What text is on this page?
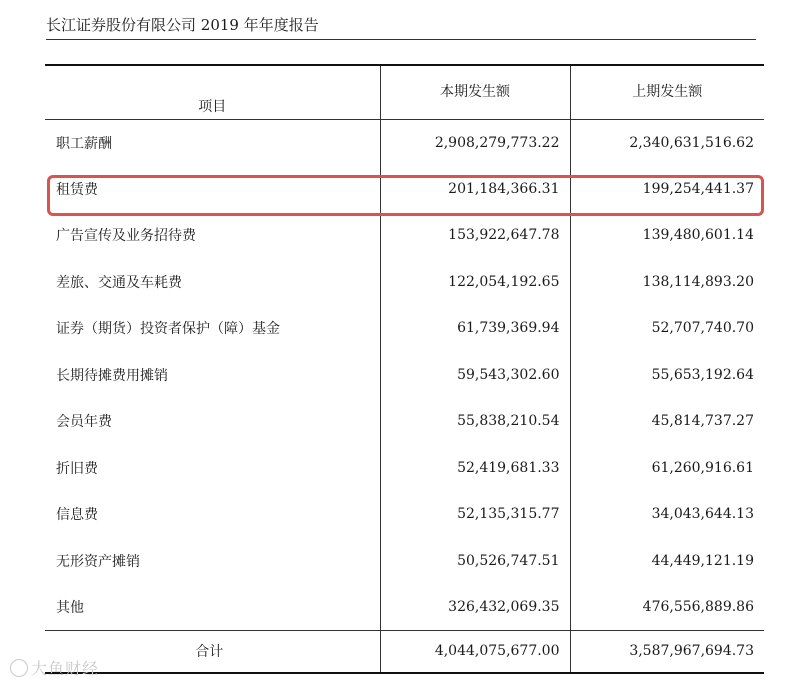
长江证券股份有限公司 2019 年年度报告
项目	本期发生额	上期发生额
职工薪酬	2,908,279,773.22	2,340,631,516.62
租赁费	201,184,366.31	199,254,441.37
广告宣传及业务招待费	153,922,647.78	139,480,601.14
差旅、交通及车耗费	122,054,192.65	138,114,893.20
证券（期货）投资者保护（障）基金	61,739,369.94	52,707,740.70
长期待摊费用摊销	59,543,302.60	55,653,192.64
会员年费	55,838,210.54	45,814,737.27
折旧费	52,419,681.33	61,260,916.61
信息费	52,135,315.77	34,043,644.13
无形资产摊销	50,526,747.51	44,449,121.19
其他	326,432,069.35	476,556,889.86
合计	4,044,075,677.00	3,587,967,694.73
大鱼财经
